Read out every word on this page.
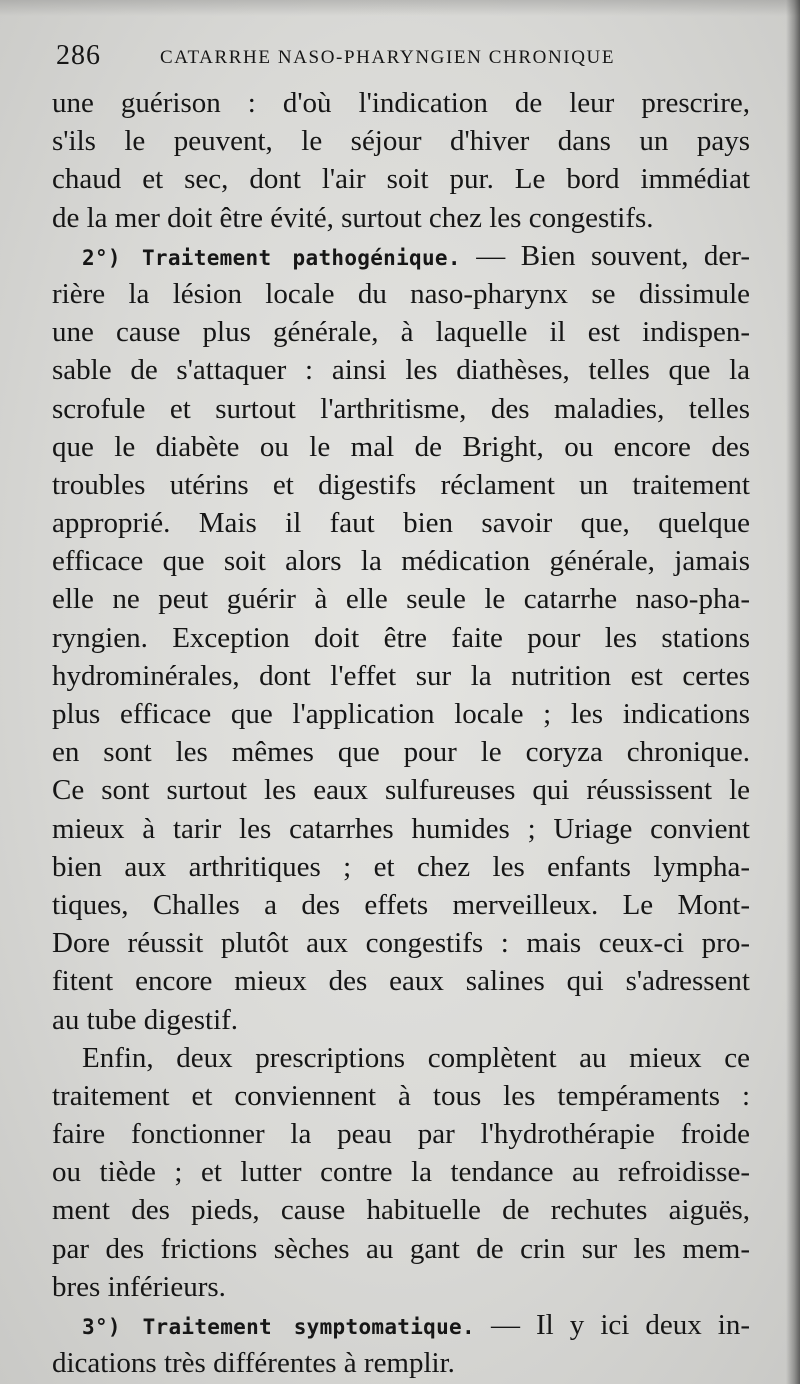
286	CATARRHE NASO-PHARYNGIEN CHRONIQUE
une guérison : d'où l'indication de leur prescrire,
s'ils le peuvent, le séjour d'hiver dans un pays
chaud et sec, dont l'air soit pur. Le bord immédiat
de la mer doit être évité, surtout chez les congestifs.
2°) Traitement pathogénique. — Bien souvent, der-
rière la lésion locale du naso-pharynx se dissimule
une cause plus générale, à laquelle il est indispen-
sable de s'attaquer : ainsi les diathèses, telles que la
scrofule et surtout l'arthritisme, des maladies, telles
que le diabète ou le mal de Bright, ou encore des
troubles utérins et digestifs réclament un traitement
approprié. Mais il faut bien savoir que, quelque
efficace que soit alors la médication générale, jamais
elle ne peut guérir à elle seule le catarrhe naso-pha-
ryngien. Exception doit être faite pour les stations
hydrominérales, dont l'effet sur la nutrition est certes
plus efficace que l'application locale ; les indications
en sont les mêmes que pour le coryza chronique.
Ce sont surtout les eaux sulfureuses qui réussissent le
mieux à tarir les catarrhes humides ; Uriage convient
bien aux arthritiques ; et chez les enfants lympha-
tiques, Challes a des effets merveilleux. Le Mont-
Dore réussit plutôt aux congestifs : mais ceux-ci pro-
fitent encore mieux des eaux salines qui s'adressent
au tube digestif.
Enfin, deux prescriptions complètent au mieux ce
traitement et conviennent à tous les tempéraments :
faire fonctionner la peau par l'hydrothérapie froide
ou tiède ; et lutter contre la tendance au refroidisse-
ment des pieds, cause habituelle de rechutes aiguës,
par des frictions sèches au gant de crin sur les mem-
bres inférieurs.
3°) Traitement symptomatique. — Il y ici deux in-
dications très différentes à remplir.
